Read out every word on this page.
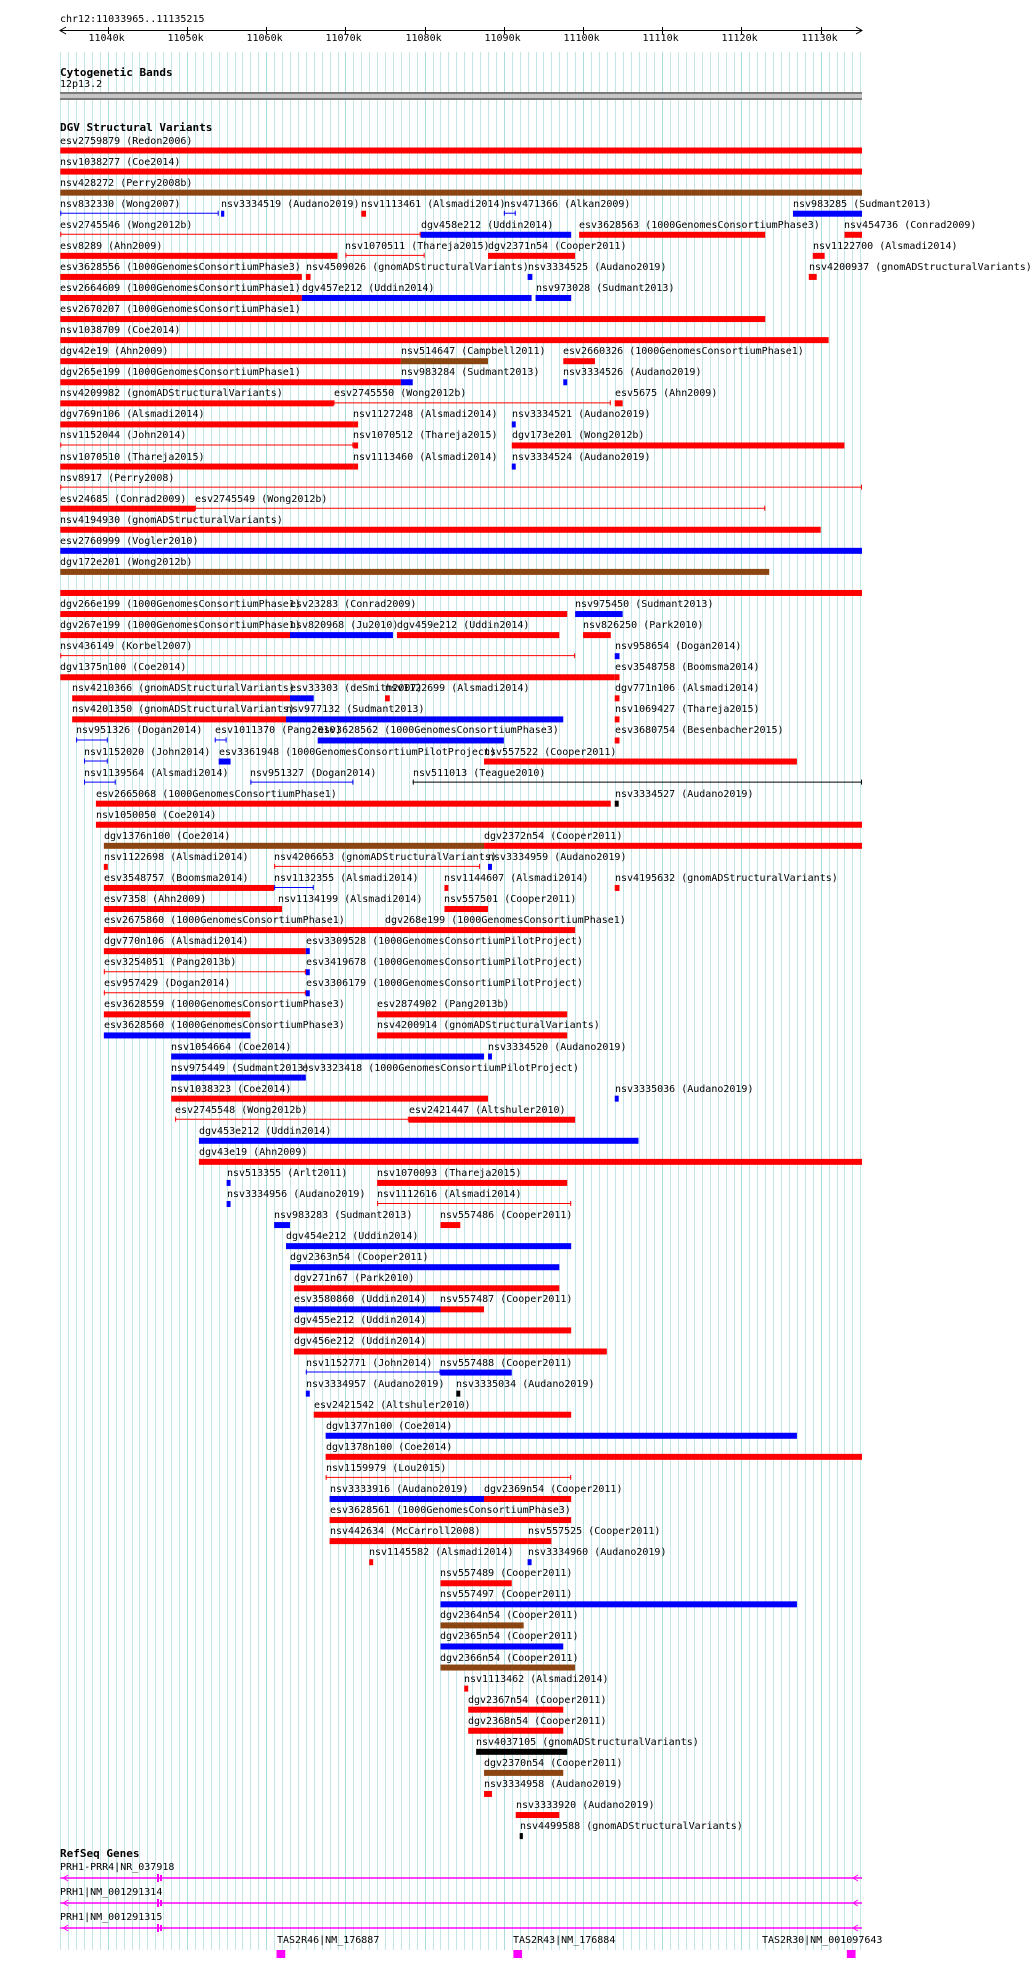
chr12:11033965..11135215
Cytogenetic Bands
12p13.2
DGV Structural Variants
RefSeq Genes
11040k	11050k	11060k	11070k	11080k	11090k	11100k	11110k	11120k	11130k
esv2759879 (Redon2006)
nsv1038277 (Coe2014)
nsv428272 (Perry2008b)
nsv832330 (Wong2007)	nsv3334519 (Audano2019) nsv1113461 (Alsmadi2014)
nsv471366 (Alkan2009)	nsv983285 (Sudmant2013)
esv2745546 (Wong2012b)	dgv458e212 (Uddin2014)	esv3628563 (1000GenomesConsortiumPhase3) nsv454736 (Conrad2009)
esv8289 (Ahn2009)	nsv1070511 (Thareja2015)
dgv2371n54 (Cooper2011)	nsv1122700 (Alsmadi2014)
esv3628556 (1000GenomesConsortiumPhase3) nsv4509026 (gnomADStructuralVariants) nsv3334525 (Audano2019)	nsv4200937 (gnomADStructuralVariants)
esv2664609 (1000GenomesConsortiumPhase1) dgv457e212 (Uddin2014)	nsv973028 (Sudmant2013)
esv2670207 (1000GenomesConsortiumPhase1)
nsv1038709 (Coe2014)
dgv42e19 (Ahn2009)	nsv514647 (Campbell2011) esv2660326 (1000GenomesConsortiumPhase1)
dgv265e199 (1000GenomesConsortiumPhase1)	nsv983284 (Sudmant2013) nsv3334526 (Audano2019)
nsv4209982 (gnomADStructuralVariants)	esv2745550 (Wong2012b)	esv5675 (Ahn2009)
dgv769n106 (Alsmadi2014)	nsv1127248 (Alsmadi2014) nsv3334521 (Audano2019)
nsv1152044 (John2014)	nsv1070512 (Thareja2015) dgv173e201 (Wong2012b)
nsv1070510 (Thareja2015)	nsv1113460 (Alsmadi2014) nsv3334524 (Audano2019)
nsv8917 (Perry2008)
esv24685 (Conrad2009) esv2745549 (Wong2012b)
nsv4194930 (gnomADStructuralVariants)
esv2760999 (Vogler2010)
dgv172e201 (Wong2012b)
dgv266e199 (1000GenomesConsortiumPhase1)
esv23283 (Conrad2009)	nsv975450 (Sudmant2013)
dgv267e199 (1000GenomesConsortiumPhase1)
nsv820968 (Ju2010)
dgv459e212 (Uddin2014)	nsv826250 (Park2010)
nsv436149 (Korbel2007)	nsv958654 (Dogan2014)
dgv1375n100 (Coe2014)	esv3548758 (Boomsma2014)
nsv4210366 (gnomADStructuralVariants)
esv33303 (deSmith2007)
nsv1122699 (Alsmadi2014)	dgv771n106 (Alsmadi2014)
nsv4201350 (gnomADStructuralVariants)
nsv977132 (Sudmant2013)	nsv1069427 (Thareja2015)
nsv951326 (Dogan2014) esv1011370 (Pang2010)
esv3628562 (1000GenomesConsortiumPhase3)	esv3680754 (Besenbacher2015)
nsv1152020 (John2014) esv3361948 (1000GenomesConsortiumPilotProject)
nsv557522 (Cooper2011)
nsv1139564 (Alsmadi2014) nsv951327 (Dogan2014)	nsv511013 (Teague2010)
esv2665068 (1000GenomesConsortiumPhase1)	nsv3334527 (Audano2019)
nsv1050050 (Coe2014)
dgv1376n100 (Coe2014)	dgv2372n54 (Cooper2011)
nsv1122698 (Alsmadi2014)	nsv4206653 (gnomADStructuralVariants)
nsv3334959 (Audano2019)
esv3548757 (Boomsma2014)	nsv1132355 (Alsmadi2014)	nsv1144607 (Alsmadi2014)	nsv4195632 (gnomADStructuralVariants)
esv7358 (Ahn2009)	nsv1134199 (Alsmadi2014) nsv557501 (Cooper2011)
esv2675860 (1000GenomesConsortiumPhase1)	dgv268e199 (1000GenomesConsortiumPhase1)
dgv770n106 (Alsmadi2014)	esv3309528 (1000GenomesConsortiumPilotProject)
esv3254051 (Pang2013b)	esv3419678 (1000GenomesConsortiumPilotProject)
esv957429 (Dogan2014)	esv3306179 (1000GenomesConsortiumPilotProject)
esv3628559 (1000GenomesConsortiumPhase3)	esv2874902 (Pang2013b)
esv3628560 (1000GenomesConsortiumPhase3)	nsv4200914 (gnomADStructuralVariants)
nsv1054664 (Coe2014)	nsv3334520 (Audano2019)
nsv975449 (Sudmant2013)
esv3323418 (1000GenomesConsortiumPilotProject)
nsv1038323 (Coe2014)	nsv3335036 (Audano2019)
esv2745548 (Wong2012b)	esv2421447 (Altshuler2010)
dgv453e212 (Uddin2014)
dgv43e19 (Ahn2009)
nsv513355 (Arlt2011)	nsv1070093 (Thareja2015)
nsv3334956 (Audano2019) nsv1112616 (Alsmadi2014)
nsv983283 (Sudmant2013)	nsv557486 (Cooper2011)
dgv454e212 (Uddin2014)
dgv2363n54 (Cooper2011)
dgv271n67 (Park2010)
esv3580860 (Uddin2014) nsv557487 (Cooper2011)
dgv455e212 (Uddin2014)
dgv456e212 (Uddin2014)
nsv1152771 (John2014) nsv557488 (Cooper2011)
nsv3334957 (Audano2019) nsv3335034 (Audano2019)
esv2421542 (Altshuler2010)
dgv1377n100 (Coe2014)
dgv1378n100 (Coe2014)
nsv1159979 (Lou2015)
nsv3333916 (Audano2019) dgv2369n54 (Cooper2011)
esv3628561 (1000GenomesConsortiumPhase3)
nsv442634 (McCarroll2008)	nsv557525 (Cooper2011)
nsv1145582 (Alsmadi2014) nsv3334960 (Audano2019)
nsv557489 (Cooper2011)
nsv557497 (Cooper2011)
dgv2364n54 (Cooper2011)
dgv2365n54 (Cooper2011)
dgv2366n54 (Cooper2011)
nsv1113462 (Alsmadi2014)
dgv2367n54 (Cooper2011)
dgv2368n54 (Cooper2011)
nsv4037105 (gnomADStructuralVariants)
dgv2370n54 (Cooper2011)
nsv3334958 (Audano2019)
nsv3333920 (Audano2019)
nsv4499588 (gnomADStructuralVariants)
PRH1-PRR4|NR_037918
PRH1|NM_001291314
PRH1|NM_001291315
TAS2R46|NM_176887	TAS2R43|NM_176884	TAS2R30|NM_001097643
